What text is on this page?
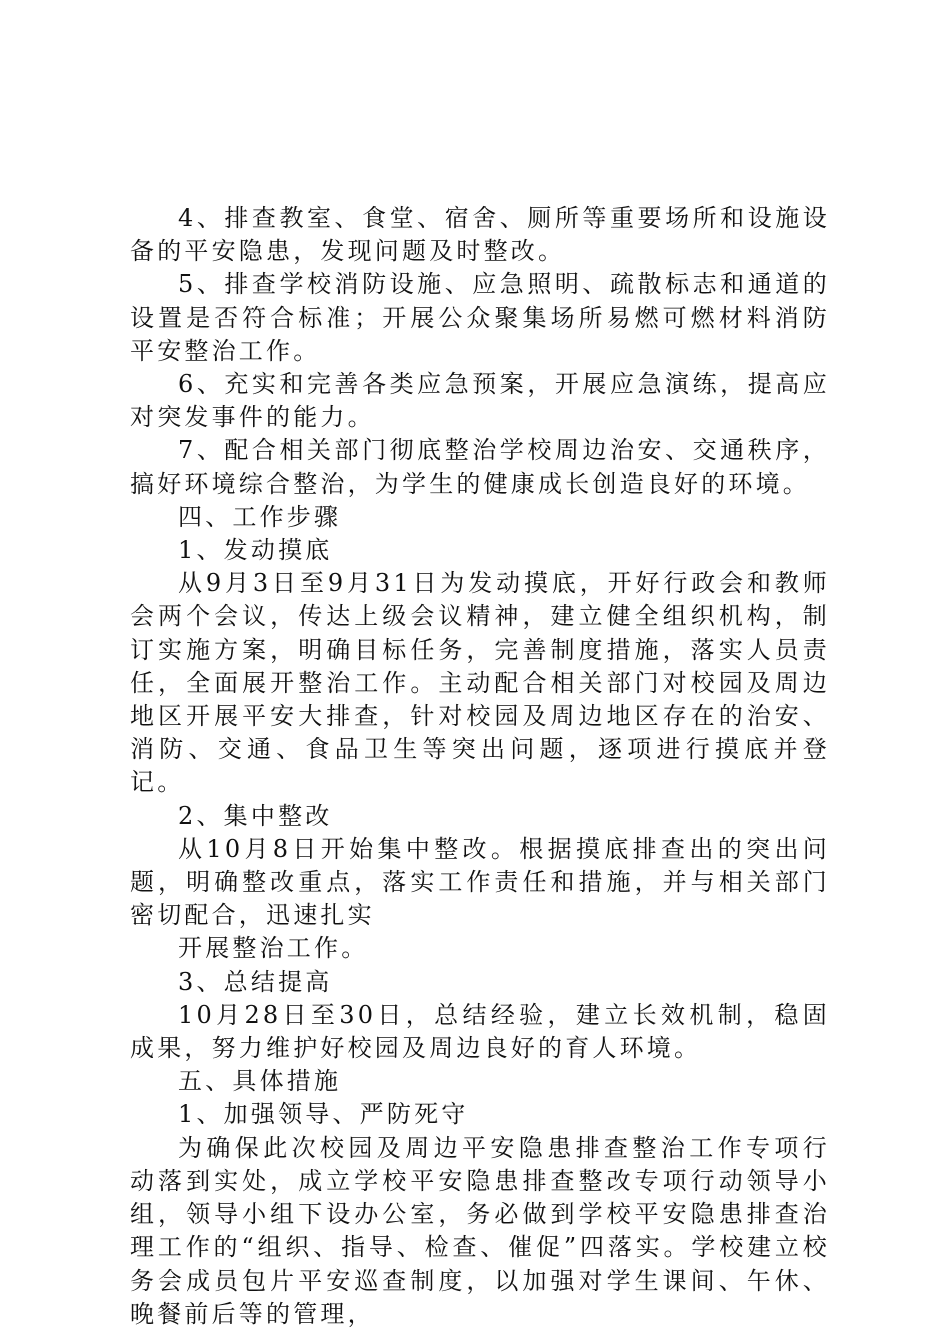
4、排查教室、食堂、宿舍、厕所等重要场所和设施设备的平安隐患，发现问题及时整改。

5、排查学校消防设施、应急照明、疏散标志和通道的设置是否符合标准；开展公众聚集场所易燃可燃材料消防平安整治工作。

6、充实和完善各类应急预案，开展应急演练，提高应对突发事件的能力。

7、配合相关部门彻底整治学校周边治安、交通秩序，搞好环境综合整治，为学生的健康成长创造良好的环境。

四、工作步骤

1、发动摸底

从9月3日至9月31日为发动摸底，开好行政会和教师会两个会议，传达上级会议精神，建立健全组织机构，制订实施方案，明确目标任务，完善制度措施，落实人员责任，全面展开整治工作。主动配合相关部门对校园及周边地区开展平安大排查，针对校园及周边地区存在的治安、消防、交通、食品卫生等突出问题，逐项进行摸底并登记。

2、集中整改

从10月8日开始集中整改。根据摸底排查出的突出问题，明确整改重点，落实工作责任和措施，并与相关部门密切配合，迅速扎实

开展整治工作。

3、总结提高

10月28日至30日，总结经验，建立长效机制，稳固成果，努力维护好校园及周边良好的育人环境。

五、具体措施

1、加强领导、严防死守

为确保此次校园及周边平安隐患排查整治工作专项行动落到实处，成立学校平安隐患排查整改专项行动领导小组，领导小组下设办公室，务必做到学校平安隐患排查治理工作的“组织、指导、检查、催促”四落实。学校建立校务会成员包片平安巡查制度，以加强对学生课间、午休、晚餐前后等的管理，
